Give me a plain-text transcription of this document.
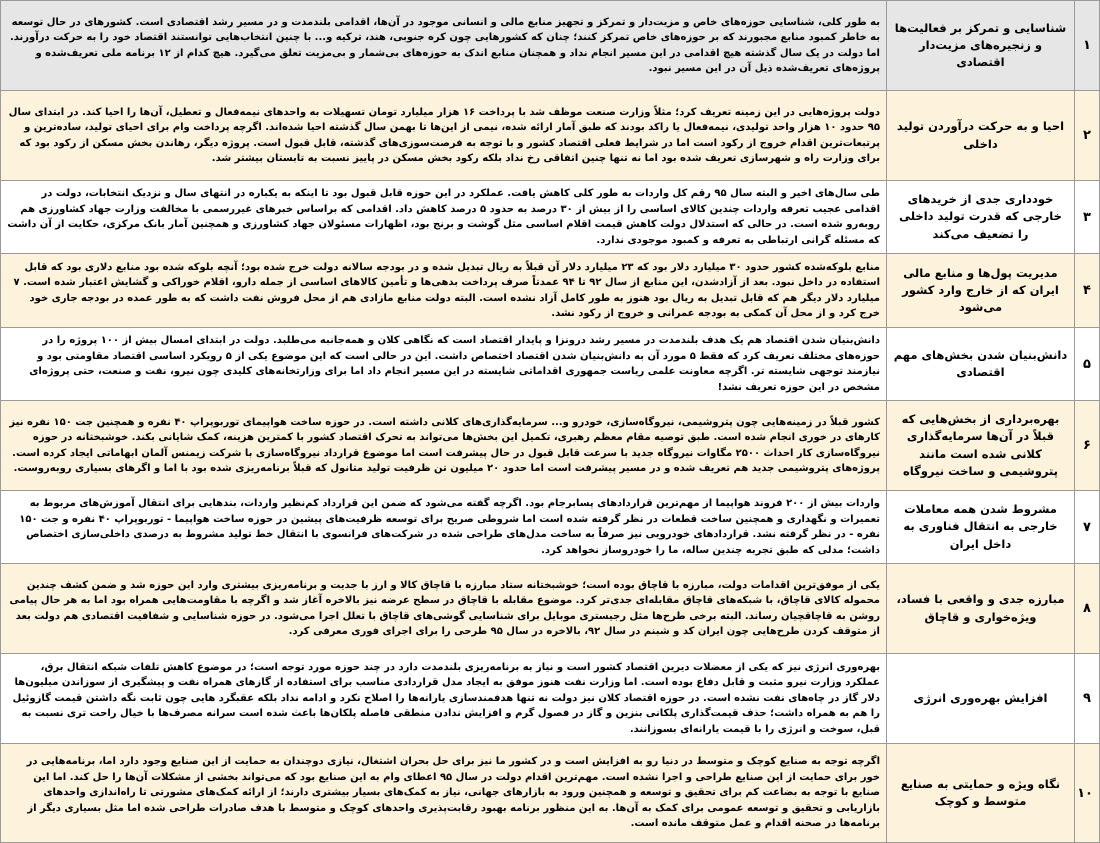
۱	شناسایی و تمرکز بر فعالیت‌ها و زنجیره‌های مزیت‌دار اقتصادی	به طور کلی، شناسایی حوزه‌های خاص و مزیت‌دار و تمرکز و تجهیز منابع مالی و انسانی موجود در آن‌ها، اقدامی بلندمدت و در مسیر رشد اقتصادی است. کشورهای در حال توسعه به خاطر کمبود منابع مجبورند که بر حوزه‌های خاص تمرکز کنند؛ چنان که کشورهایی چون کره جنوبی، هند، ترکیه و... با چنین انتخاب‌هایی توانستند اقتصاد خود را به حرکت درآورند. اما دولت در یک سال گذشته هیچ اقدامی در این مسیر انجام نداد و همچنان منابع اندک به حوزه‌های بی‌شمار و بی‌مزیت تعلق می‌گیرد. هیچ کدام از ۱۲ برنامه ملی تعریف‌شده و پروژه‌های تعریف‌شده ذیل آن در این مسیر نبود.
۲	احیا و به حرکت درآوردن تولید داخلی	دولت پروژه‌هایی در این زمینه تعریف کرد؛ مثلاً وزارت صنعت موظف شد با پرداخت ۱۶ هزار میلیارد تومان تسهیلات به واحدهای نیمه‌فعال و تعطیل، آن‌ها را احیا کند. در ابتدای سال ۹۵ حدود ۱۰ هزار واحد تولیدی، نیمه‌فعال یا راکد بودند که طبق آمار ارائه شده، نیمی از این‌ها تا بهمن سال گذشته احیا شده‌اند. اگرچه پرداخت وام برای احیای تولید، ساده‌ترین و پرتبعات‌ترین اقدام خروج از رکود است اما در شرایط فعلی اقتصاد کشور و با توجه به فرصت‌سوزی‌های گذشته، قابل قبول است. پروژه دیگر، رهاندن بخش مسکن از رکود بود که برای وزارت راه و شهرسازی تعریف شده بود اما نه تنها چنین اتفاقی رخ نداد بلکه رکود بخش مسکن در پاییز نسبت به تابستان بیشتر شد.
۳	خودداری جدی از خریدهای خارجی که قدرت تولید داخلی را تضعیف می‌کند	طی سال‌های اخیر و البته سال ۹۵ رقم کل واردات به طور کلی کاهش یافت. عملکرد در این حوزه قابل قبول بود تا اینکه به یکباره در انتهای سال و نزدیک انتخابات، دولت در اقدامی عجیب تعرفه واردات چندین کالای اساسی را از بیش از ۳۰ درصد به حدود ۵ درصد کاهش داد. اقدامی که براساس خبرهای غیررسمی با مخالفت وزارت جهاد کشاورزی هم روبه‌رو شده است. در حالی که استدلال دولت کاهش قیمت اقلام اساسی مثل گوشت و برنج بود، اظهارات مسئولان جهاد کشاورزی و همچنین آمار بانک مرکزی، حکایت از آن داشت که مسئله گرانی ارتباطی به تعرفه و کمبود موجودی ندارد.
۴	مدیریت پول‌ها و منابع مالی ایران که از خارج وارد کشور می‌شود	منابع بلوکه‌شده کشور حدود ۳۰ میلیارد دلار بود که ۲۳ میلیارد دلار آن قبلاً به ریال تبدیل شده و در بودجه سالانه دولت خرج شده بود؛ آنچه بلوکه شده بود منابع دلاری بود که قابل استفاده در داخل نبود. بعد از آزادشدن، این منابع از سال ۹۲ تا ۹۴ عمدتاً صرف پرداخت بدهی‌ها و تأمین کالاهای اساسی از جمله دارو، اقلام خوراکی و گشایش اعتبار شده است. ۷ میلیارد دلار دیگر هم که قابل تبدیل به ریال بود هنوز به طور کامل آزاد نشده است. البته دولت منابع مازادی هم از محل فروش نفت داشت که به طور عمده در بودجه جاری خود خرج کرد و از محل آن کمکی به بودجه عمرانی و خروج از رکود نشد.
۵	دانش‌بنیان شدن بخش‌های مهم اقتصادی	دانش‌بنیان شدن اقتصاد هم یک هدف بلندمدت در مسیر رشد درونزا و پایدار اقتصاد است که نگاهی کلان و همه‌جانبه می‌طلبد. دولت در ابتدای امسال بیش از ۱۰۰ پروژه را در حوزه‌های مختلف تعریف کرد که فقط ۵ مورد آن به دانش‌بنیان شدن اقتصاد اختصاص داشت. این در حالی است که این موضوع یکی از ۵ رویکرد اساسی اقتصاد مقاومتی بود و نیازمند توجهی شایسته تر. اگرچه معاونت علمی ریاست جمهوری اقداماتی شایسته در این مسیر انجام داد اما برای وزارتخانه‌های کلیدی چون نیرو، نفت و صنعت، حتی پروژه‌ای مشخص در این حوزه تعریف نشد!
۶	بهره‌برداری از بخش‌هایی که قبلاً در آن‌ها سرمایه‌گذاری کلانی شده است مانند پتروشیمی و ساخت نیروگاه	کشور قبلاً در زمینه‌هایی چون پتروشیمی، نیروگاه‌سازی، خودرو و... سرمایه‌گذاری‌های کلانی داشته است. در حوزه ساخت هواپیمای توربوپراپ ۴۰ نفره و همچنین جت ۱۵۰ نفره نیز کارهای در خوری انجام شده است. طبق توصیه مقام معظم رهبری، تکمیل این بخش‌ها می‌تواند به تحرک اقتصاد کشور با کمترین هزینه، کمک شایانی بکند. خوشبختانه در حوزه نیروگاه‌سازی کار احداث ۲۵۰۰ مگاوات نیروگاه جدید با سرعت قابل قبول در حال پیشرفت است اما موضوع قرارداد نیروگاه‌سازی با شرکت زیمنس آلمان ابهاماتی ایجاد کرده است. پروژه‌های پتروشیمی جدید هم تعریف شده و در مسیر پیشرفت است اما حدود ۲۰ میلیون تن ظرفیت تولید متانول که قبلاً برنامه‌ریزی شده بود با اما و اگرهای بسیاری روبه‌روست.
۷	مشروط شدن همه معاملات خارجی به انتقال فناوری به داخل ایران	واردات بیش از ۲۰۰ فروند هواپیما از مهم‌ترین قراردادهای پسابرجام بود. اگرچه گفته می‌شود که ضمن این قرارداد کم‌نظیر واردات، بندهایی برای انتقال آموزش‌های مربوط به تعمیرات و نگهداری و همچنین ساخت قطعات در نظر گرفته شده است اما شروطی صریح برای توسعه ظرفیت‌های پیشین در حوزه ساخت هواپیما - توربوپراپ ۴۰ نفره و جت ۱۵۰ نفره - در نظر گرفته نشد. قراردادهای خودرویی نیز صرفاً به ساخت مدل‌های طراحی شده در شرکت‌های فرانسوی با انتقال خط تولید مشروط به درصدی داخلی‌سازی اختصاص داشت؛ مدلی که طبق تجربه چندین ساله، ما را خودروساز نخواهد کرد.
۸	مبارزه جدی و واقعی با فساد، ویژه‌خواری و قاچاق	یکی از موفق‌ترین اقدامات دولت، مبارزه با قاچاق بوده است؛ خوشبختانه ستاد مبارزه با قاچاق کالا و ارز با جدیت و برنامه‌ریزی بیشتری وارد این حوزه شد و ضمن کشف چندین محموله کالای قاچاق، با شبکه‌های قاچاق مقابله‌ای جدی‌تر کرد. موضوع مقابله با قاچاق در سطح عرضه نیز بالاخره آغاز شد و اگرچه با مقاومت‌هایی همراه بود اما به هر حال پیامی روشن به قاچاقچیان رساند. البته برخی طرح‌ها مثل رجیستری موبایل برای شناسایی گوشی‌های قاچاق با تعلل اجرا می‌شود. در حوزه شناسایی و شفافیت اقتصادی هم دولت بعد از متوقف کردن طرح‌هایی چون ایران کد و شبنم در سال ۹۲، بالاخره در سال ۹۵ طرحی را برای اجرای فوری معرفی کرد.
۹	افزایش بهره‌وری انرژی	بهره‌وری انرژی نیز که یکی از معضلات دیرین اقتصاد کشور است و نیاز به برنامه‌ریزی بلندمدت دارد در چند حوزه مورد توجه است؛ در موضوع کاهش تلفات شبکه انتقال برق، عملکرد وزارت نیرو مثبت و قابل دفاع بوده است. اما وزارت نفت هنوز موفق به ایجاد مدل قراردادی مناسب برای استفاده از گازهای همراه نفت و پیشگیری از سوزاندن میلیون‌ها دلار گاز در چاه‌های نفت نشده است. در حوزه اقتصاد کلان نیز دولت نه تنها هدفمندسازی یارانه‌ها را اصلاح نکرد و ادامه نداد بلکه عقبگرد هایی چون ثابت نگه داشتن قیمت گازوئیل را هم به همراه داشت؛ حذف قیمت‌گذاری پلکانی بنزین و گاز در فصول گرم و افزایش ندادن منطقی فاصله پلکان‌ها باعث شده است سرانه مصرف‌ها با خیال راحت تری نسبت به قبل، سوخت و انرژی را با قیمت یارانه‌ای بسوزانند.
۱۰	نگاه ویژه و حمایتی به صنایع متوسط و کوچک	اگرچه توجه به صنایع کوچک و متوسط در دنیا رو به افزایش است و در کشور ما نیز برای حل بحران اشتغال، نیازی دوچندان به حمایت از این صنایع وجود دارد اما، برنامه‌هایی در خور برای حمایت از این صنایع طراحی و اجرا نشده است. مهم‌ترین اقدام دولت در سال ۹۵ اعطای وام به این صنایع بود که می‌تواند بخشی از مشکلات آن‌ها را حل کند. اما این صنایع با توجه به بضاعت کم برای تحقیق و توسعه و همچنین ورود به بازارهای جهانی، نیاز به کمک‌های بسیار بیشتری دارند؛ از ارائه کمک‌های مشورتی تا راه‌اندازی واحدهای بازاریابی و تحقیق و توسعه عمومی برای کمک به آن‌ها. به این منظور برنامه بهبود رقابت‌پذیری واحدهای کوچک و متوسط با هدف صادرات طراحی شده اما مثل بسیاری دیگر از برنامه‌ها در صحنه اقدام و عمل متوقف مانده است.
